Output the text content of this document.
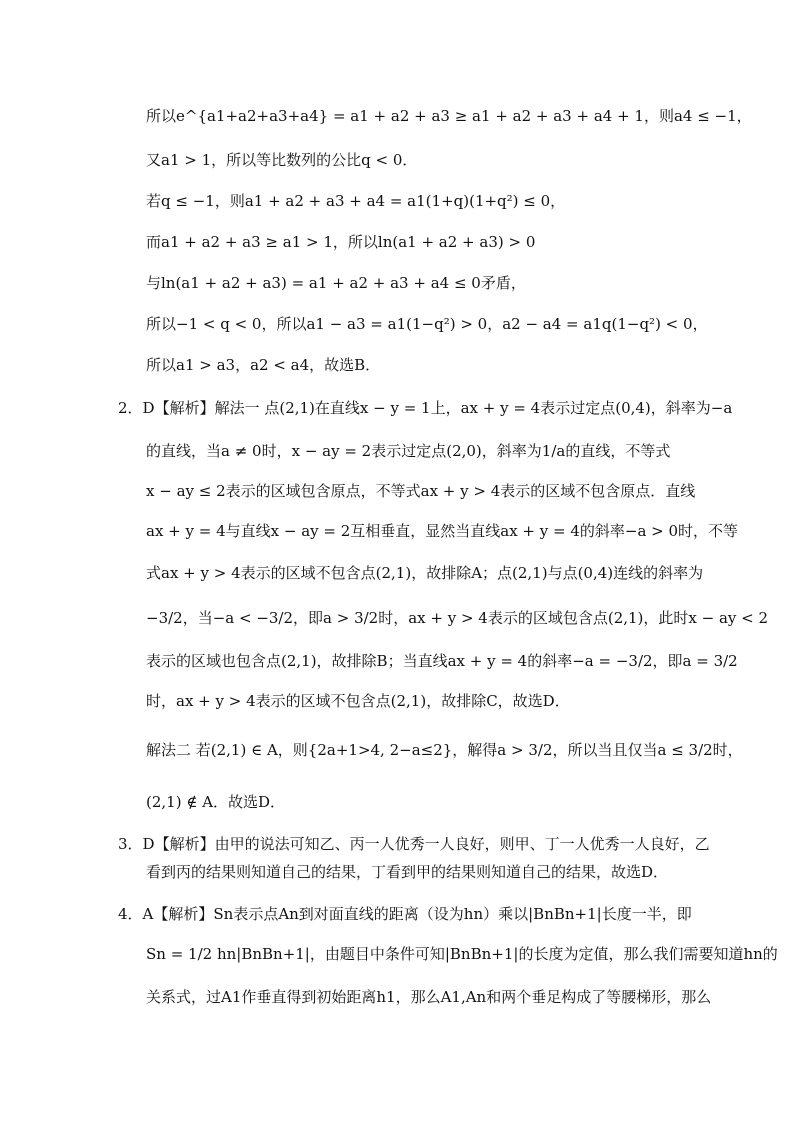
所以e^{a1+a2+a3+a4} = a1 + a2 + a3 ≥ a1 + a2 + a3 + a4 + 1，则a4 ≤ −1，
又a1 > 1，所以等比数列的公比q < 0．
若q ≤ −1，则a1 + a2 + a3 + a4 = a1(1+q)(1+q²) ≤ 0，
而a1 + a2 + a3 ≥ a1 > 1，所以ln(a1 + a2 + a3) > 0
与ln(a1 + a2 + a3) = a1 + a2 + a3 + a4 ≤ 0矛盾，
所以−1 < q < 0，所以a1 − a3 = a1(1−q²) > 0，a2 − a4 = a1q(1−q²) < 0，
所以a1 > a3，a2 < a4，故选B．
2．D【解析】解法一 点(2,1)在直线x − y = 1上，ax + y = 4表示过定点(0,4)，斜率为−a
的直线，当a ≠ 0时，x − ay = 2表示过定点(2,0)，斜率为1/a的直线，不等式
x − ay ≤ 2表示的区域包含原点，不等式ax + y > 4表示的区域不包含原点．直线
ax + y = 4与直线x − ay = 2互相垂直，显然当直线ax + y = 4的斜率−a > 0时，不等
式ax + y > 4表示的区域不包含点(2,1)，故排除A；点(2,1)与点(0,4)连线的斜率为
−3/2，当−a < −3/2，即a > 3/2时，ax + y > 4表示的区域包含点(2,1)，此时x − ay < 2
表示的区域也包含点(2,1)，故排除B；当直线ax + y = 4的斜率−a = −3/2，即a = 3/2
时，ax + y > 4表示的区域不包含点(2,1)，故排除C，故选D．
解法二 若(2,1) ∈ A，则{2a+1>4, 2−a≤2}，解得a > 3/2，所以当且仅当a ≤ 3/2时，
(2,1) ∉ A．故选D．
3．D【解析】由甲的说法可知乙、丙一人优秀一人良好，则甲、丁一人优秀一人良好，乙
看到丙的结果则知道自己的结果，丁看到甲的结果则知道自己的结果，故选D．
4．A【解析】Sn表示点An到对面直线的距离（设为hn）乘以|BnBn+1|长度一半，即
Sn = 1/2 hn|BnBn+1|，由题目中条件可知|BnBn+1|的长度为定值，那么我们需要知道hn的
关系式，过A1作垂直得到初始距离h1，那么A1,An和两个垂足构成了等腰梯形，那么
